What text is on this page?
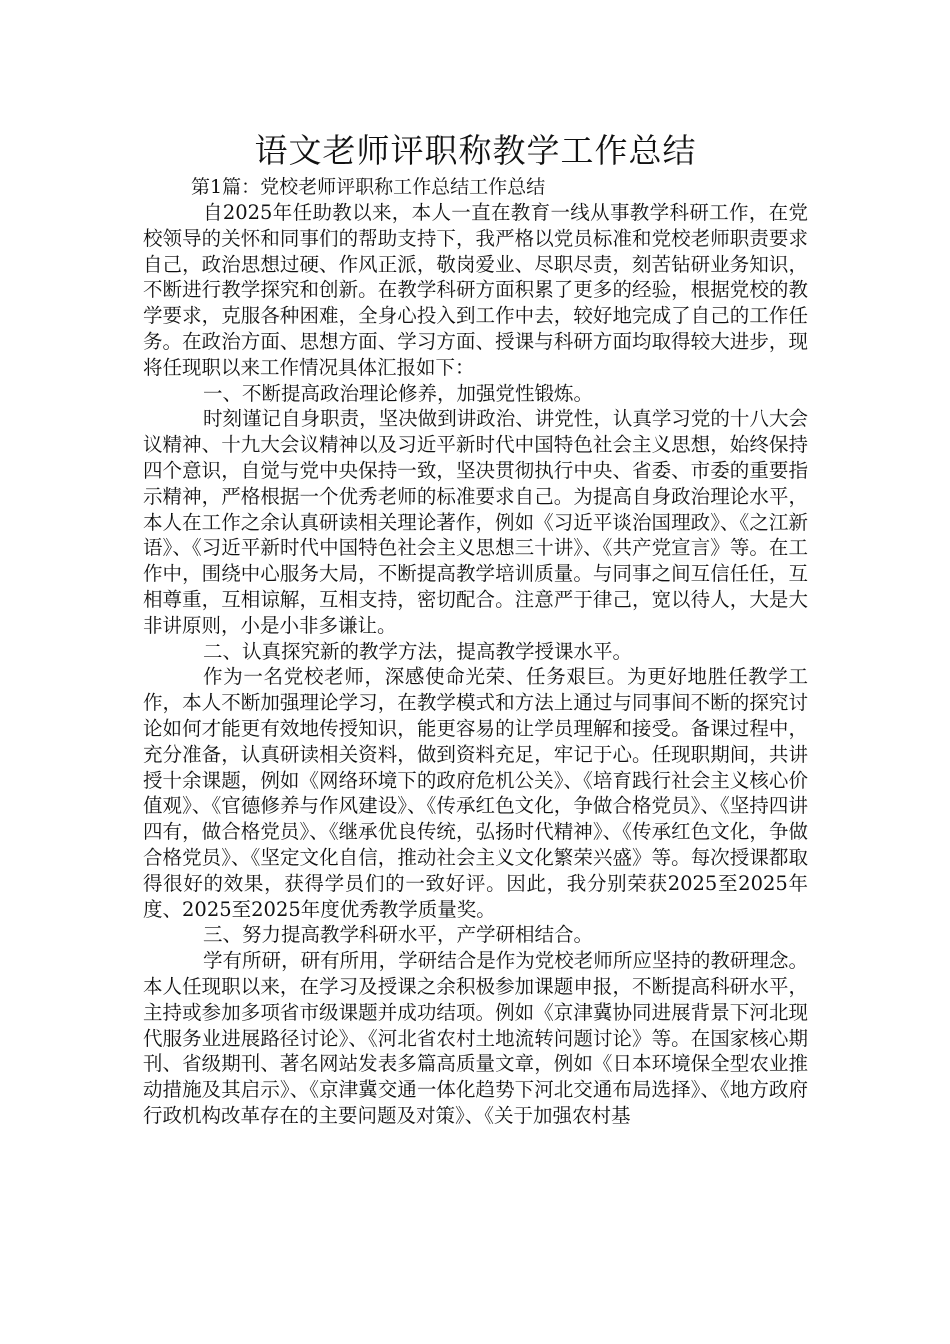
语文老师评职称教学工作总结

第1篇：党校老师评职称工作总结工作总结

自2025年任助教以来，本人一直在教育一线从事教学科研工作，在党校领导的关怀和同事们的帮助支持下，我严格以党员标准和党校老师职责要求自己，政治思想过硬、作风正派，敬岗爱业、尽职尽责，刻苦钻研业务知识，不断进行教学探究和创新。在教学科研方面积累了更多的经验，根据党校的教学要求，克服各种困难，全身心投入到工作中去，较好地完成了自己的工作任务。在政治方面、思想方面、学习方面、授课与科研方面均取得较大进步，现将任现职以来工作情况具体汇报如下：

一、不断提高政治理论修养，加强党性锻炼。

时刻谨记自身职责，坚决做到讲政治、讲党性，认真学习党的十八大会议精神、十九大会议精神以及习近平新时代中国特色社会主义思想，始终保持四个意识，自觉与党中央保持一致，坚决贯彻执行中央、省委、市委的重要指示精神，严格根据一个优秀老师的标准要求自己。为提高自身政治理论水平，本人在工作之余认真研读相关理论著作，例如《习近平谈治国理政》、《之江新语》、《习近平新时代中国特色社会主义思想三十讲》、《共产党宣言》等。在工作中，围绕中心服务大局，不断提高教学培训质量。与同事之间互信任任，互相尊重，互相谅解，互相支持，密切配合。注意严于律己，宽以待人，大是大非讲原则，小是小非多谦让。

二、认真探究新的教学方法，提高教学授课水平。

作为一名党校老师，深感使命光荣、任务艰巨。为更好地胜任教学工作，本人不断加强理论学习，在教学模式和方法上通过与同事间不断的探究讨论如何才能更有效地传授知识，能更容易的让学员理解和接受。备课过程中，充分准备，认真研读相关资料，做到资料充足，牢记于心。任现职期间，共讲授十余课题，例如《网络环境下的政府危机公关》、《培育践行社会主义核心价值观》、《官德修养与作风建设》、《传承红色文化，争做合格党员》、《坚持四讲四有，做合格党员》、《继承优良传统，弘扬时代精神》、《传承红色文化，争做合格党员》、《坚定文化自信，推动社会主义文化繁荣兴盛》等。每次授课都取得很好的效果，获得学员们的一致好评。因此，我分别荣获2025至2025年度、2025至2025年度优秀教学质量奖。

三、努力提高教学科研水平，产学研相结合。

学有所研，研有所用，学研结合是作为党校老师所应坚持的教研理念。本人任现职以来，在学习及授课之余积极参加课题申报，不断提高科研水平，主持或参加多项省市级课题并成功结项。例如《京津冀协同进展背景下河北现代服务业进展路径讨论》、《河北省农村土地流转问题讨论》等。在国家核心期刊、省级期刊、著名网站发表多篇高质量文章，例如《日本环境保全型农业推动措施及其启示》、《京津冀交通一体化趋势下河北交通布局选择》、《地方政府行政机构改革存在的主要问题及对策》、《关于加强农村基
